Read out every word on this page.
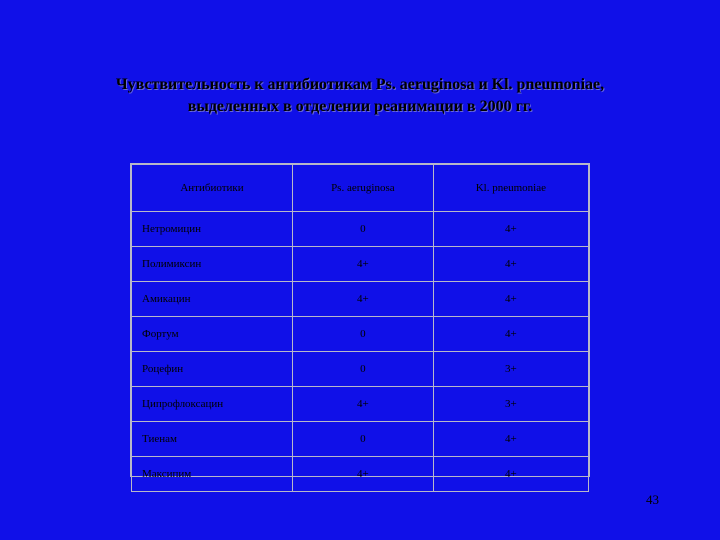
Чувствительность к антибиотикам Ps. aeruginosa и Kl. pneumoniae,
выделенных в отделении реанимации в 2000 гг.
Антибиотики	Ps. aeruginosa	Kl. pneumoniae
Нетромицин	0	4+
Полимиксин	4+	4+
Амикацин	4+	4+
Фортум	0	4+
Роцефин	0	3+
Ципрофлоксацин	4+	3+
Тиенам	0	4+
Максипим	4+	4+
43
